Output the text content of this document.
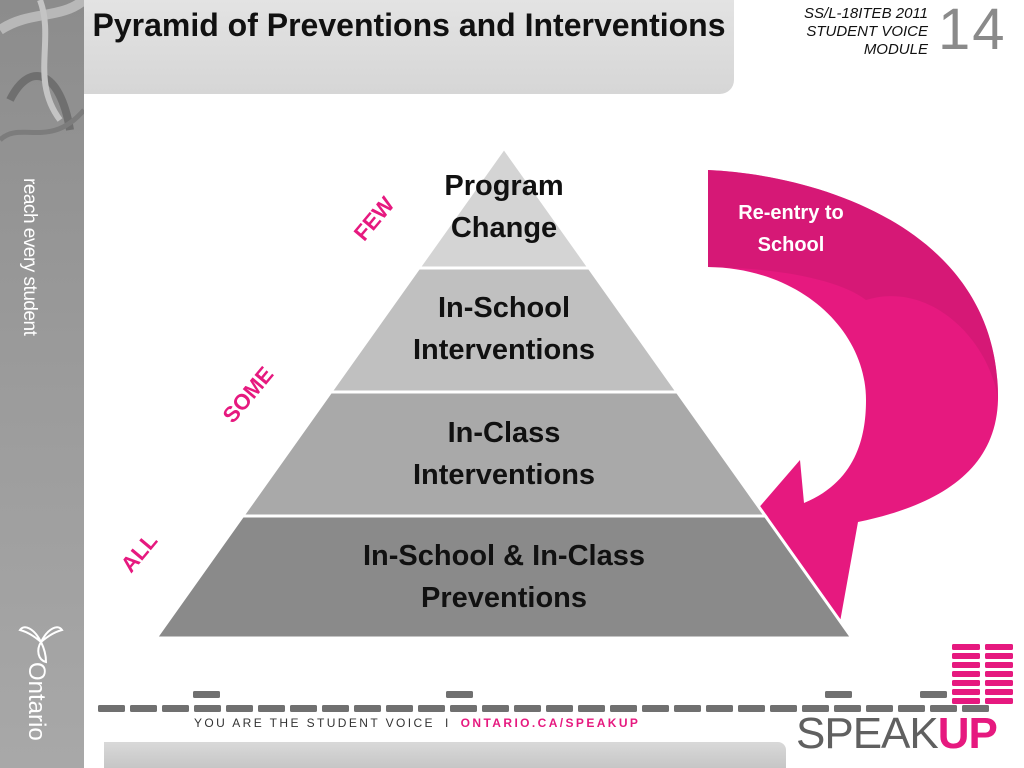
reach every student
Ontario
Pyramid of Preventions and Interventions	SS/L-18ITEB 2011
STUDENT VOICE
MODULE 14
Program Change
In-School Interventions
In-Class Interventions
In-School & In-Class Preventions
FEW
SOME
ALL
Re-entry to School
YOU ARE THE STUDENT VOICE I ONTARIO.CA/SPEAKUP	SPEAKUP
